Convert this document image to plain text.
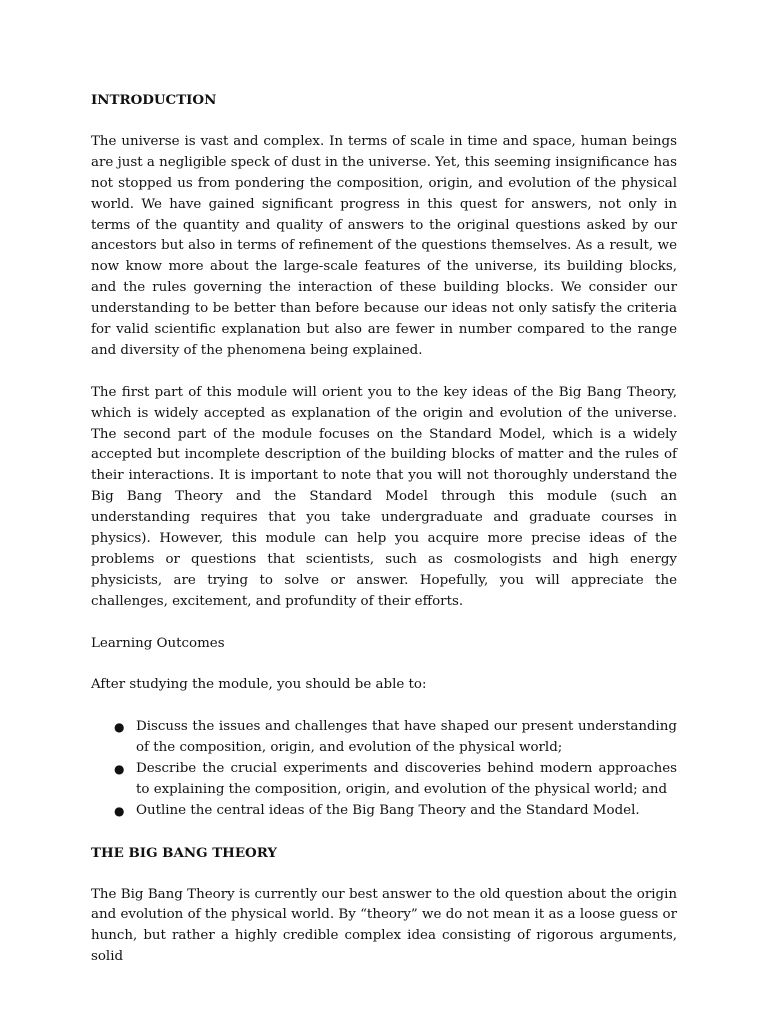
INTRODUCTION

The universe is vast and complex. In terms of scale in time and space, human beings are just a negligible speck of dust in the universe. Yet, this seeming insignificance has not stopped us from pondering the composition, origin, and evolution of the physical world. We have gained significant progress in this quest for answers, not only in terms of the quantity and quality of answers to the original questions asked by our ancestors but also in terms of refinement of the questions themselves. As a result, we now know more about the large-scale features of the universe, its building blocks, and the rules governing the interaction of these building blocks. We consider our understanding to be better than before because our ideas not only satisfy the criteria for valid scientific explanation but also are fewer in number compared to the range and diversity of the phenomena being explained.

The first part of this module will orient you to the key ideas of the Big Bang Theory, which is widely accepted as explanation of the origin and evolution of the universe. The second part of the module focuses on the Standard Model, which is a widely accepted but incomplete description of the building blocks of matter and the rules of their interactions. It is important to note that you will not thoroughly understand the Big Bang Theory and the Standard Model through this module (such an understanding requires that you take undergraduate and graduate courses in physics). However, this module can help you acquire more precise ideas of the problems or questions that scientists, such as cosmologists and high energy physicists, are trying to solve or answer. Hopefully, you will appreciate the challenges, excitement, and profundity of their efforts.

Learning Outcomes

After studying the module, you should be able to:

● Discuss the issues and challenges that have shaped our present understanding of the composition, origin, and evolution of the physical world;
● Describe the crucial experiments and discoveries behind modern approaches to explaining the composition, origin, and evolution of the physical world; and
● Outline the central ideas of the Big Bang Theory and the Standard Model.

THE BIG BANG THEORY

The Big Bang Theory is currently our best answer to the old question about the origin and evolution of the physical world. By “theory” we do not mean it as a loose guess or hunch, but rather a highly credible complex idea consisting of rigorous arguments, solid
